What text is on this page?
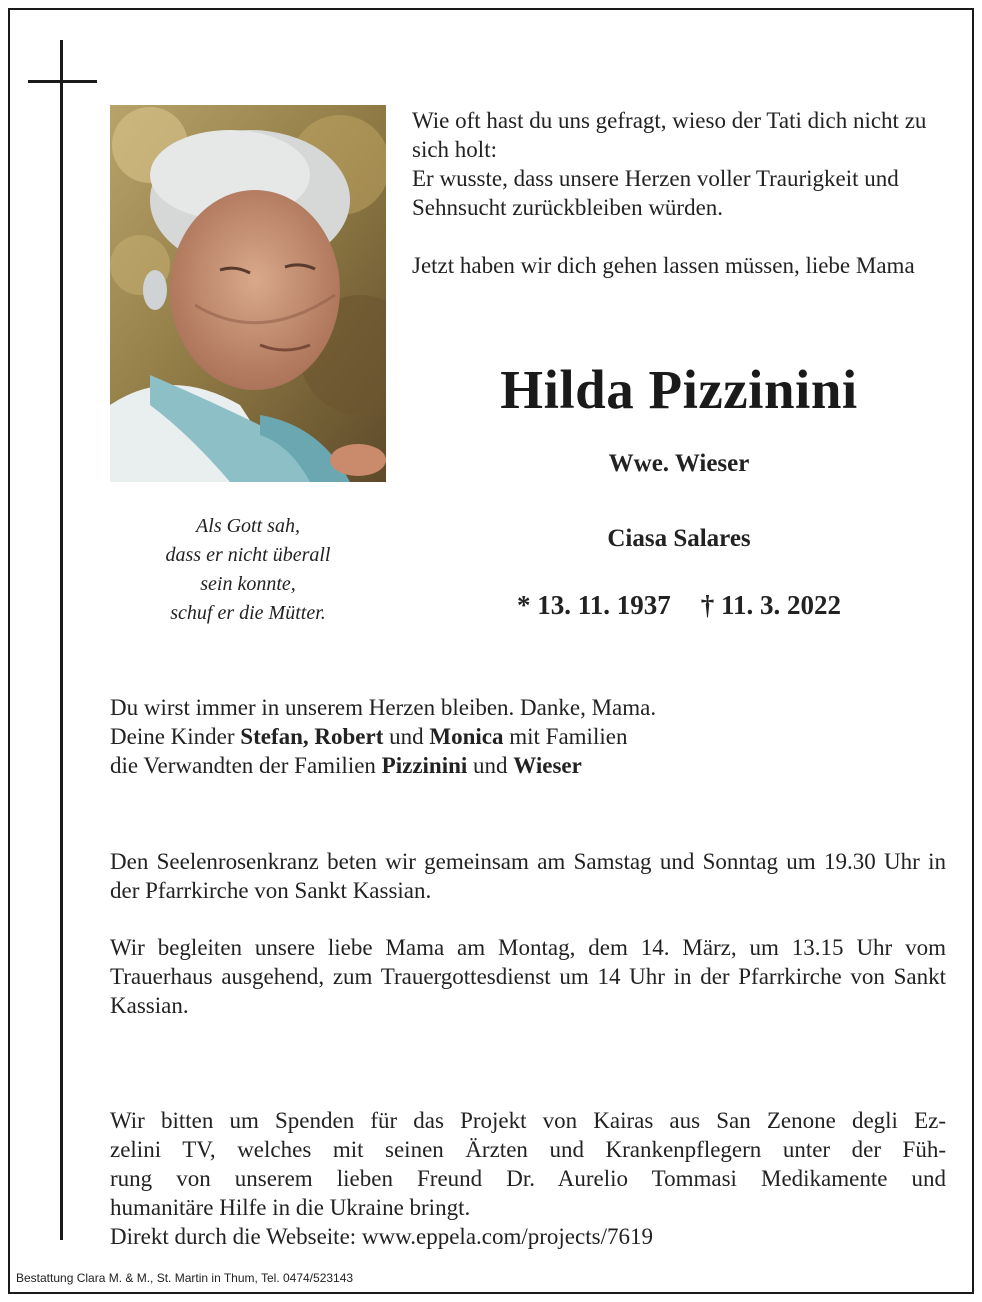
Als Gott sah,
dass er nicht überall
sein konnte,
schuf er die Mütter.

Wie oft hast du uns gefragt, wieso der Tati dich nicht zu sich holt:
Er wusste, dass unsere Herzen voller Traurigkeit und Sehnsucht zurückbleiben würden.

Jetzt haben wir dich gehen lassen müssen, liebe Mama

Hilda Pizzinini
Wwe. Wieser
Ciasa Salares
* 13. 11. 1937 † 11. 3. 2022
Du wirst immer in unserem Herzen bleiben. Danke, Mama.
Deine Kinder Stefan, Robert und Monica mit Familien
die Verwandten der Familien Pizzinini und Wieser
Den Seelenrosenkranz beten wir gemeinsam am Samstag und Sonntag um 19.30 Uhr in der Pfarrkirche von Sankt Kassian.
Wir begleiten unsere liebe Mama am Montag, dem 14. März, um 13.15 Uhr vom Trauerhaus ausgehend, zum Trauergottesdienst um 14 Uhr in der Pfarrkirche von Sankt Kassian.
Wir bitten um Spenden für das Projekt von Kairas aus San Zenone degli Ez-
zelini TV, welches mit seinen Ärzten und Krankenpflegern unter der Füh-
rung von unserem lieben Freund Dr. Aurelio Tommasi Medikamente und
humanitäre Hilfe in die Ukraine bringt.
Direkt durch die Webseite: www.eppela.com/projects/7619
Bestattung Clara M. & M., St. Martin in Thum, Tel. 0474/523143
